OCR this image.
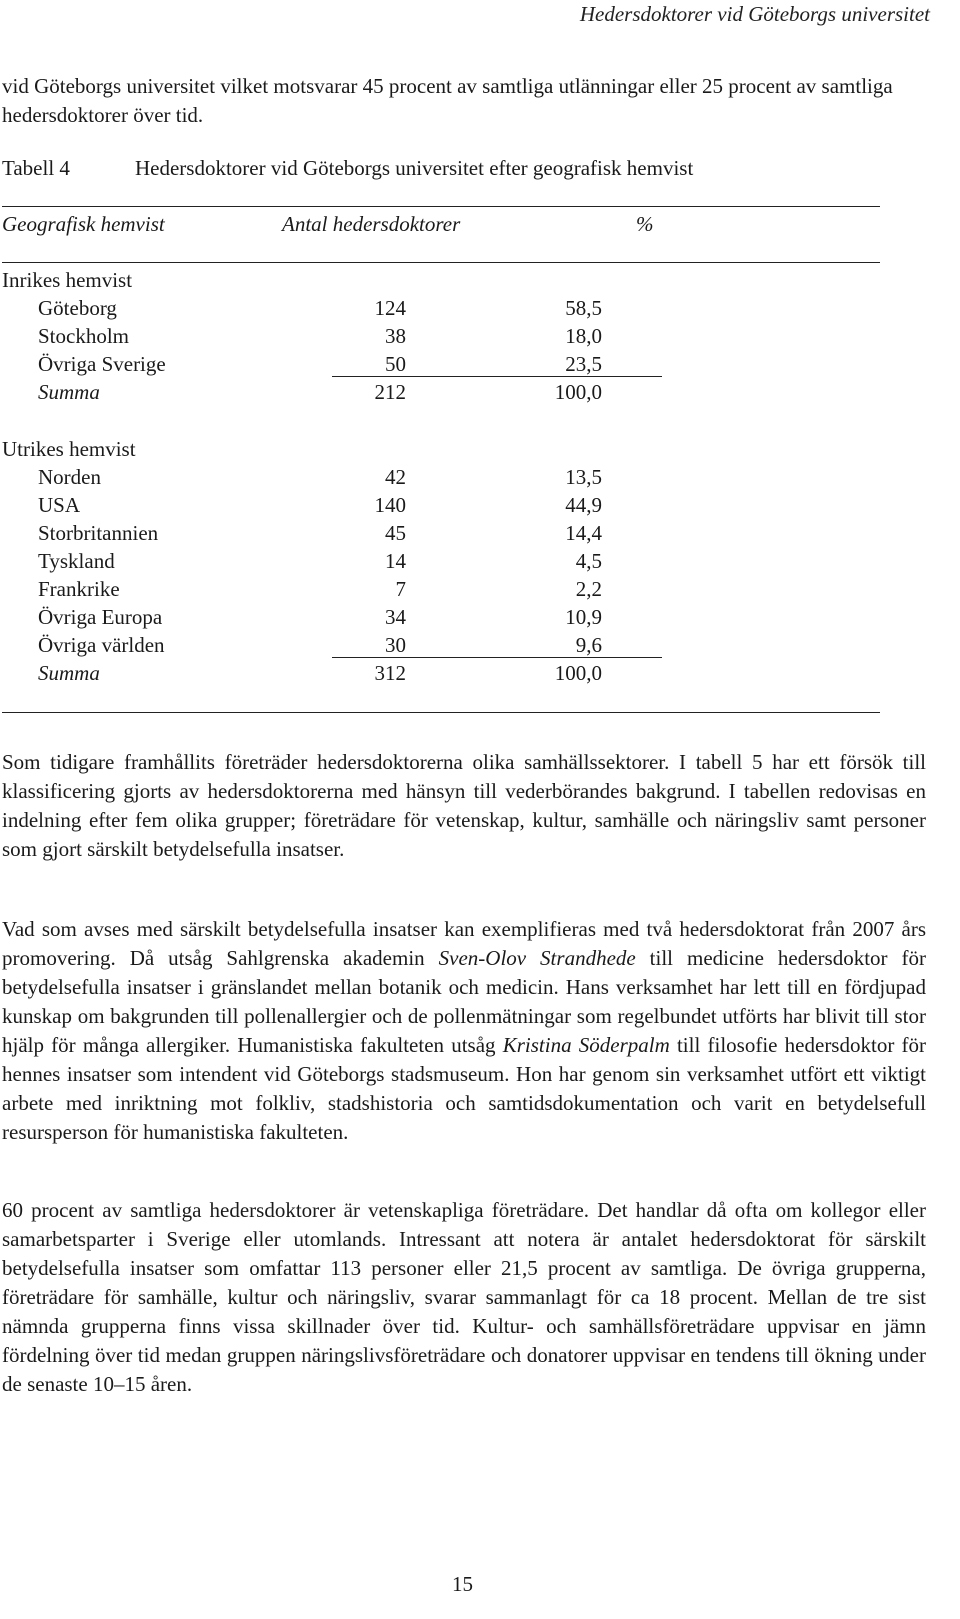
Hedersdoktorer vid Göteborgs universitet

vid Göteborgs universitet vilket motsvarar 45 procent av samtliga utlänningar eller 25 procent av samtliga hedersdoktorer över tid.

Tabell 4	Hedersdoktorer vid Göteborgs universitet efter geografisk hemvist
Geografisk hemvist	Antal hedersdoktorer	%
Inrikes hemvist
Göteborg	124	58,5
Stockholm	38	18,0
Övriga Sverige	50	23,5
Summa	212	100,0
Utrikes hemvist
Norden	42	13,5
USA	140	44,9
Storbritannien	45	14,4
Tyskland	14	4,5
Frankrike	7	2,2
Övriga Europa	34	10,9
Övriga världen	30	9,6
Summa	312	100,0

Som tidigare framhållits företräder hedersdoktorerna olika samhällssektorer. I tabell 5 har ett försök till klassificering gjorts av hedersdoktorerna med hänsyn till vederbörandes bakgrund. I tabellen redovisas en indelning efter fem olika grupper; företrädare för vetenskap, kultur, samhälle och näringsliv samt personer som gjort särskilt betydelsefulla insatser.

Vad som avses med särskilt betydelsefulla insatser kan exemplifieras med två hedersdoktorat från 2007 års promovering. Då utsåg Sahlgrenska akademin Sven-Olov Strandhede till medicine hedersdoktor för betydelsefulla insatser i gränslandet mellan botanik och medicin. Hans verksamhet har lett till en fördjupad kunskap om bakgrunden till pollenallergier och de pollenmätningar som regelbundet utförts har blivit till stor hjälp för många allergiker. Humanistiska fakulteten utsåg Kristina Söderpalm till filosofie hedersdoktor för hennes insatser som intendent vid Göteborgs stadsmuseum. Hon har genom sin verksamhet utfört ett viktigt arbete med inriktning mot folkliv, stadshistoria och samtidsdokumentation och varit en betydelsefull resursperson för humanistiska fakulteten.

60 procent av samtliga hedersdoktorer är vetenskapliga företrädare. Det handlar då ofta om kollegor eller samarbetsparter i Sverige eller utomlands. Intressant att notera är antalet hedersdoktorat för särskilt betydelsefulla insatser som omfattar 113 personer eller 21,5 procent av samtliga. De övriga grupperna, företrädare för samhälle, kultur och näringsliv, svarar sammanlagt för ca 18 procent. Mellan de tre sist nämnda grupperna finns vissa skillnader över tid. Kultur- och samhällsföreträdare uppvisar en jämn fördelning över tid medan gruppen näringslivsföreträdare och donatorer uppvisar en tendens till ökning under de senaste 10–15 åren.

15
